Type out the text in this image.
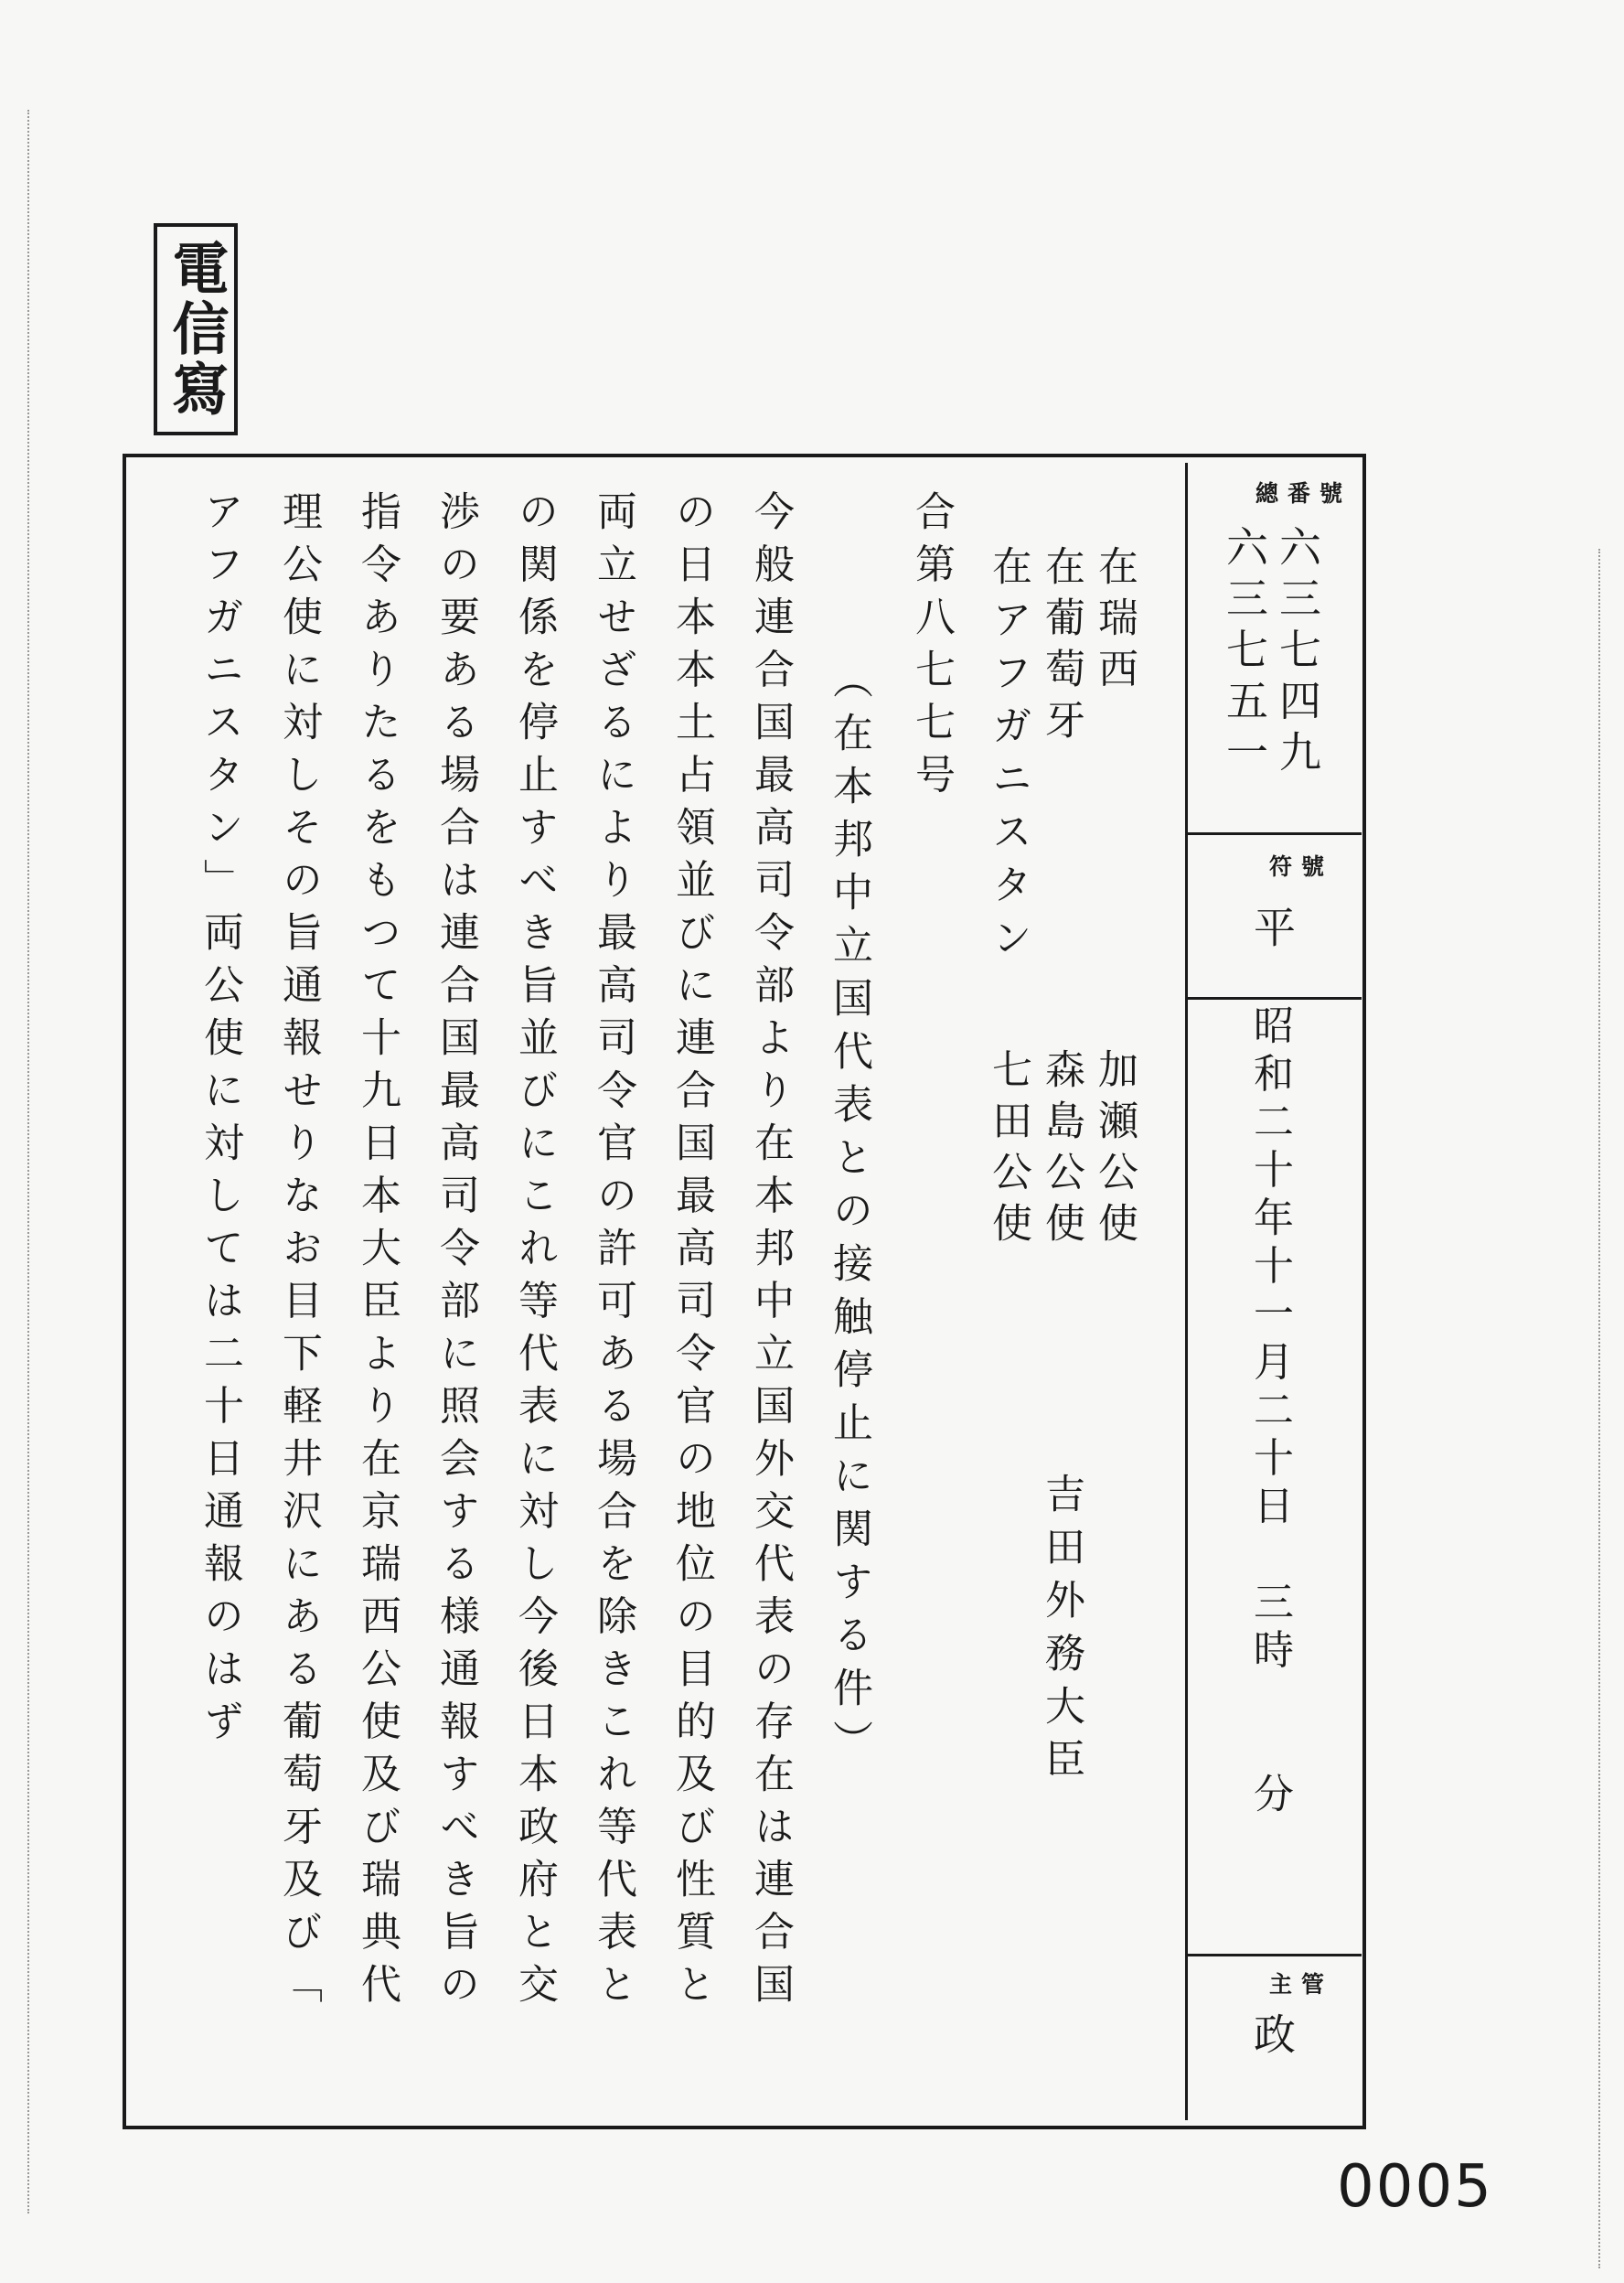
電信寫
總番號
六三七四九
六三七五一
符號
平
昭和二十年十一月二十日　三時　　分
主管
政
在瑞西
加瀬公使
在葡萄牙
森島公使
在アフガニスタン
七田公使
吉田外務大臣
合第八七七号
（在本邦中立国代表との接触停止に関する件）
今般連合国最高司令部より在本邦中立国外交代表の存在は連合国
の日本本土占領並びに連合国最高司令官の地位の目的及び性質と
両立せざるにより最高司令官の許可ある場合を除きこれ等代表と
の関係を停止すべき旨並びにこれ等代表に対し今後日本政府と交
渉の要ある場合は連合国最高司令部に照会する様通報すべき旨の
指令ありたるをもつて十九日本大臣より在京瑞西公使及び瑞典代
理公使に対しその旨通報せりなお目下軽井沢にある葡萄牙及び「
アフガニスタン」両公使に対しては二十日通報のはず
0005
